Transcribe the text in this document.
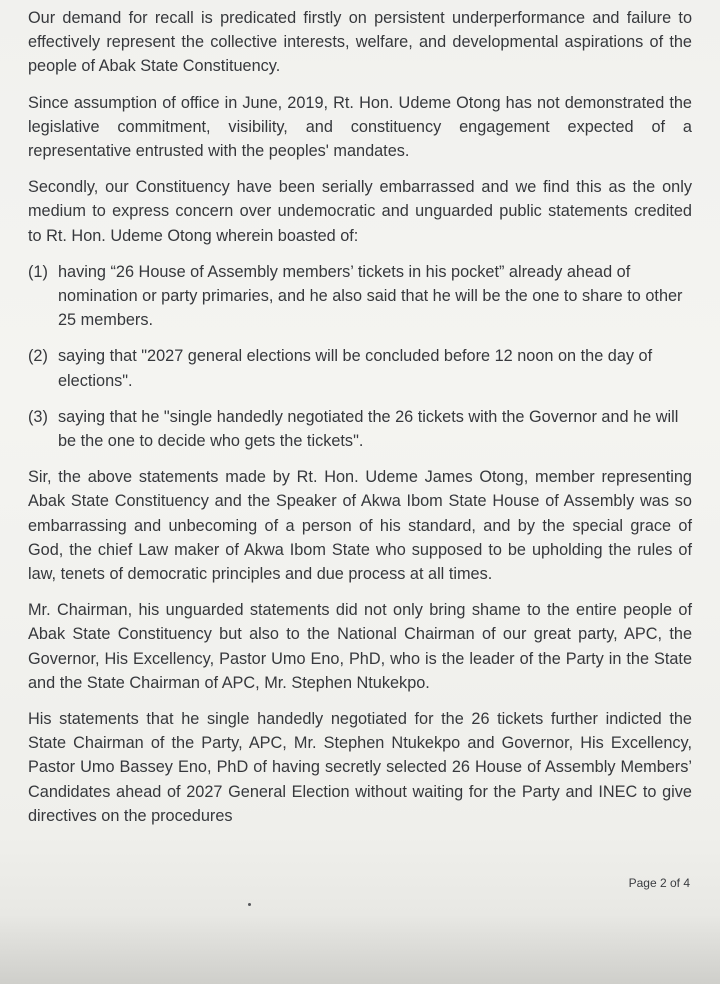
Our demand for recall is predicated firstly on persistent underperformance and failure to effectively represent the collective interests, welfare, and developmental aspirations of the people of Abak State Constituency.

Since assumption of office in June, 2019, Rt. Hon. Udeme Otong has not demonstrated the legislative commitment, visibility, and constituency engagement expected of a representative entrusted with the peoples' mandates.

Secondly, our Constituency have been serially embarrassed and we find this as the only medium to express concern over undemocratic and unguarded public statements credited to Rt. Hon. Udeme Otong wherein boasted of:

(1) having “26 House of Assembly members’ tickets in his pocket” already ahead of nomination or party primaries, and he also said that he will be the one to share to other 25 members.

(2) saying that "2027 general elections will be concluded before 12 noon on the day of elections".

(3) saying that he "single handedly negotiated the 26 tickets with the Governor and he will be the one to decide who gets the tickets".

Sir, the above statements made by Rt. Hon. Udeme James Otong, member representing Abak State Constituency and the Speaker of Akwa Ibom State House of Assembly was so embarrassing and unbecoming of a person of his standard, and by the special grace of God, the chief Law maker of Akwa Ibom State who supposed to be upholding the rules of law, tenets of democratic principles and due process at all times.

Mr. Chairman, his unguarded statements did not only bring shame to the entire people of Abak State Constituency but also to the National Chairman of our great party, APC, the Governor, His Excellency, Pastor Umo Eno, PhD, who is the leader of the Party in the State and the State Chairman of APC, Mr. Stephen Ntukekpo.

His statements that he single handedly negotiated for the 26 tickets further indicted the State Chairman of the Party, APC, Mr. Stephen Ntukekpo and Governor, His Excellency, Pastor Umo Bassey Eno, PhD of having secretly selected 26 House of Assembly Members’ Candidates ahead of 2027 General Election without waiting for the Party and INEC to give directives on the procedures

Page 2 of 4
